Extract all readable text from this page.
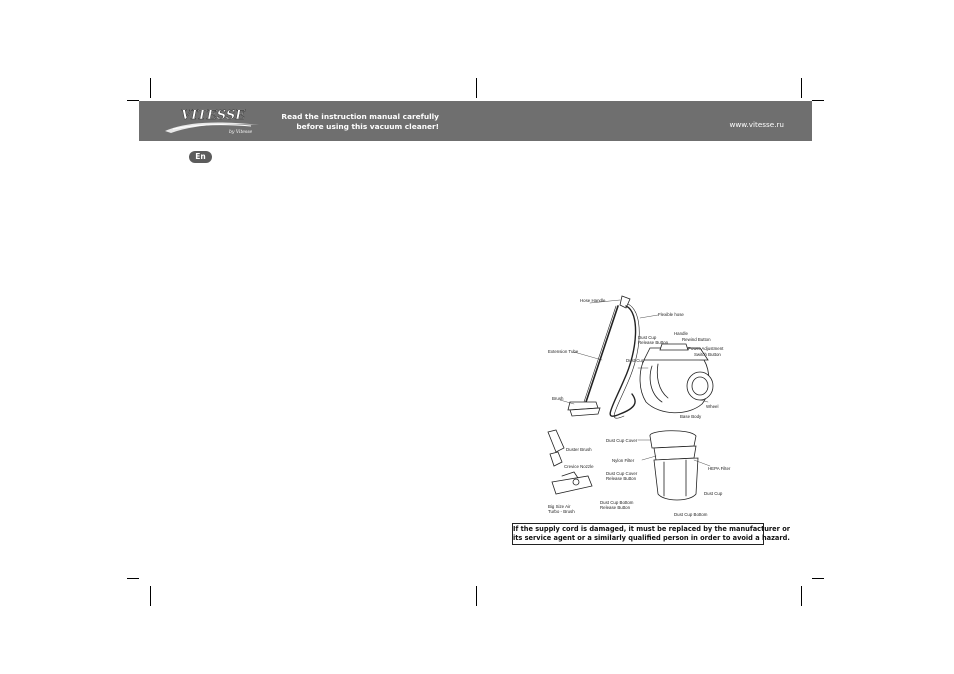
VITESSE
by Vitesse
Read the instruction manual carefully
before using this vacuum cleaner!	www.vitesse.ru
En
Hose Handle
Flexible hose
Handle
Dust Cup
Release Button
Rewind Button
Power Adjustment
Switch Button
Extension Tube
Dust Cup
Wheel
Brush
Base Body
Duster Brush
Dust Cup Cover
Nylon Filter
HEPA Filter
Crevice Nozzle
Dust Cup Cover
Release Button
Dust Cup
Big Size Air
Turbo - Brush
Dust Cup Bottom
Release Button
Dust Cup Bottom
If the supply cord is damaged, it must be replaced by the manufacturer or
its service agent or a similarly qualified person in order to avoid a hazard.
